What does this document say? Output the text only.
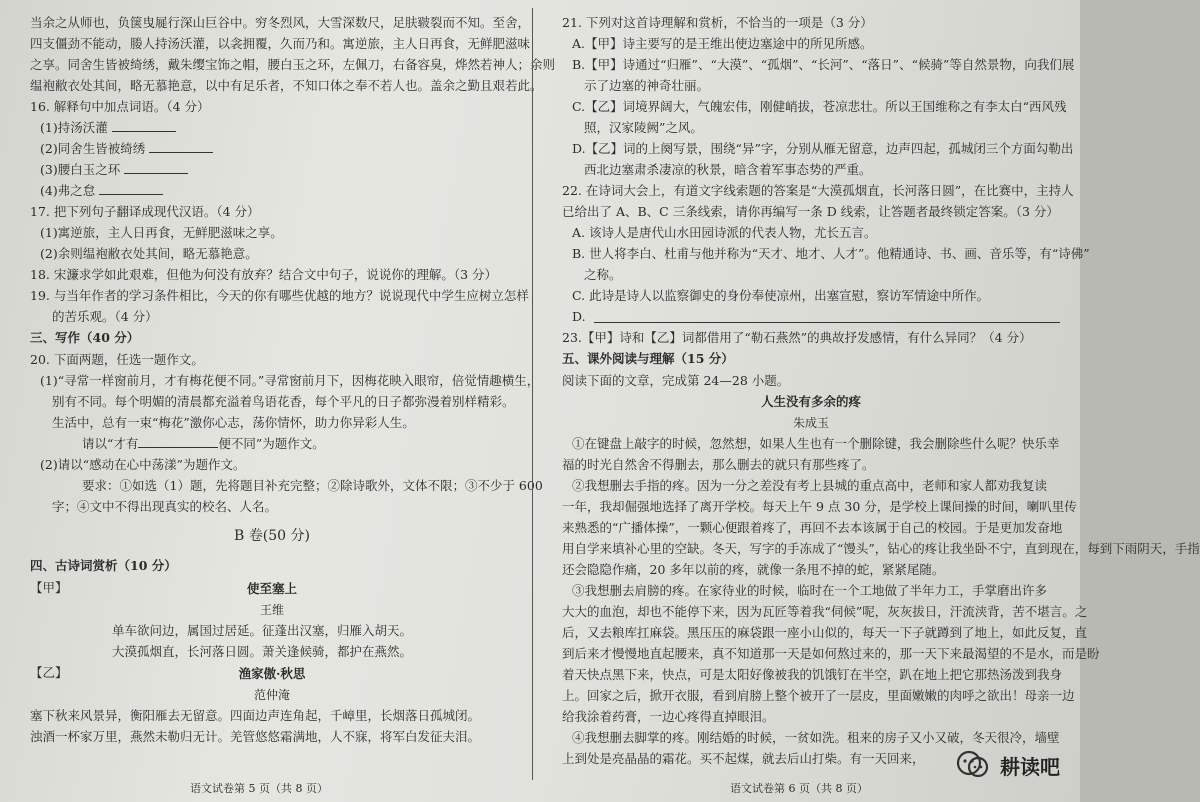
当余之从师也，负箧曳屣行深山巨谷中。穷冬烈风，大雪深数尺，足肤皲裂而不知。至舍，
四支僵劲不能动，媵人持汤沃灌，以衾拥覆，久而乃和。寓逆旅，主人日再食，无鲜肥滋味
之享。同舍生皆被绮绣，戴朱缨宝饰之帽，腰白玉之环，左佩刀，右备容臭，烨然若神人；余则
缊袍敝衣处其间，略无慕艳意，以中有足乐者，不知口体之奉不若人也。盖余之勤且艰若此。
16. 解释句中加点词语。（4 分）
(1)持汤沃灌
(2)同舍生皆被绮绣
(3)腰白玉之环
(4)弗之怠
17. 把下列句子翻译成现代汉语。（4 分）
(1)寓逆旅，主人日再食，无鲜肥滋味之享。
(2)余则缊袍敝衣处其间，略无慕艳意。
18. 宋濂求学如此艰难，但他为何没有放弃？结合文中句子，说说你的理解。（3 分）
19. 与当年作者的学习条件相比，今天的你有哪些优越的地方？说说现代中学生应树立怎样
的苦乐观。（4 分）
三、写作（40 分）
20. 下面两题，任选一题作文。
(1)“寻常一样窗前月，才有梅花便不同。”寻常窗前月下，因梅花映入眼帘，倍觉情趣横生，
别有不同。每个明媚的清晨都充溢着鸟语花香，每个平凡的日子都弥漫着别样精彩。
生活中，总有一束“梅花”激你心志，荡你情怀，助力你异彩人生。
请以“才有	便不同”为题作文。
(2)请以“感动在心中荡漾”为题作文。
要求：①如选（1）题，先将题目补充完整；②除诗歌外，文体不限；③不少于 600
字；④文中不得出现真实的校名、人名。
B 卷(50 分)
四、古诗词赏析（10 分）
【甲】	使至塞上
王维
单车欲问边，属国过居延。征蓬出汉塞，归雁入胡天。
大漠孤烟直，长河落日圆。萧关逢候骑，都护在燕然。
【乙】	渔家傲·秋思
范仲淹
塞下秋来风景异，衡阳雁去无留意。四面边声连角起，千嶂里，长烟落日孤城闭。
浊酒一杯家万里，燕然未勒归无计。羌管悠悠霜满地，人不寐，将军白发征夫泪。
语文试卷第 5 页（共 8 页）
21. 下列对这首诗理解和赏析，不恰当的一项是（3 分）
A.【甲】诗主要写的是王维出使边塞途中的所见所感。
B.【甲】诗通过“归雁”、“大漠”、“孤烟”、“长河”、“落日”、“候骑”等自然景物，向我们展
示了边塞的神奇壮丽。
C.【乙】词境界阔大，气魄宏伟，刚健峭拔，苍凉悲壮。所以王国维称之有李太白“西风残
照，汉家陵阙”之风。
D.【乙】词的上阕写景，围绕“异”字，分别从雁无留意，边声四起，孤城闭三个方面勾勒出
西北边塞肃杀凄凉的秋景，暗含着军事态势的严重。
22. 在诗词大会上，有道文字线索题的答案是“大漠孤烟直，长河落日圆”，在比赛中，主持人
已给出了 A、B、C 三条线索，请你再编写一条 D 线索，让答题者最终锁定答案。（3 分）
A. 该诗人是唐代山水田园诗派的代表人物，尤长五言。
B. 世人将李白、杜甫与他并称为“天才、地才、人才”。他精通诗、书、画、音乐等，有“诗佛”
之称。
C. 此诗是诗人以监察御史的身份奉使凉州，出塞宣慰，察访军情途中所作。
D.
23.【甲】诗和【乙】词都借用了“勒石燕然”的典故抒发感情，有什么异同？（4 分）
五、课外阅读与理解（15 分）
阅读下面的文章，完成第 24—28 小题。
人生没有多余的疼
朱成玉
①在键盘上敲字的时候，忽然想，如果人生也有一个删除键，我会删除些什么呢？快乐幸
福的时光自然舍不得删去，那么删去的就只有那些疼了。
②我想删去手指的疼。因为一分之差没有考上县城的重点高中，老师和家人都劝我复读
一年，我却倔强地选择了离开学校。每天上午 9 点 30 分，是学校上课间操的时间，喇叭里传
来熟悉的“广播体操”，一颗心便跟着疼了，再回不去本该属于自己的校园。于是更加发奋地
用自学来填补心里的空缺。冬天，写字的手冻成了“馒头”，钻心的疼让我坐卧不宁，直到现在，每到下雨阴天，手指
还会隐隐作痛，20 多年以前的疼，就像一条甩不掉的蛇，紧紧尾随。
③我想删去肩膀的疼。在家待业的时候，临时在一个工地做了半年力工，手掌磨出许多
大大的血泡，却也不能停下来，因为瓦匠等着我“伺候”呢，灰灰拔日，汗流浃背，苦不堪言。之
后，又去粮库扛麻袋。黑压压的麻袋跟一座小山似的，每天一下子就蹲到了地上，如此反复，直
到后来才慢慢地直起腰来，真不知道那一天是如何熬过来的，那一天下来最渴望的不是水，而是盼
着天快点黑下来，快点，可是太阳好像被我的饥饿钉在半空，趴在地上把它那热汤泼到我身
上。回家之后，掀开衣服，看到肩膀上整个被开了一层皮，里面嫩嫩的肉呼之欲出！母亲一边
给我涂着药膏，一边心疼得直掉眼泪。
④我想删去脚掌的疼。刚结婚的时候，一贫如洗。租来的房子又小又破，冬天很冷，墙壁
上到处是亮晶晶的霜花。买不起煤，就去后山打柴。有一天回来，
语文试卷第 6 页（共 8 页）
耕读吧
